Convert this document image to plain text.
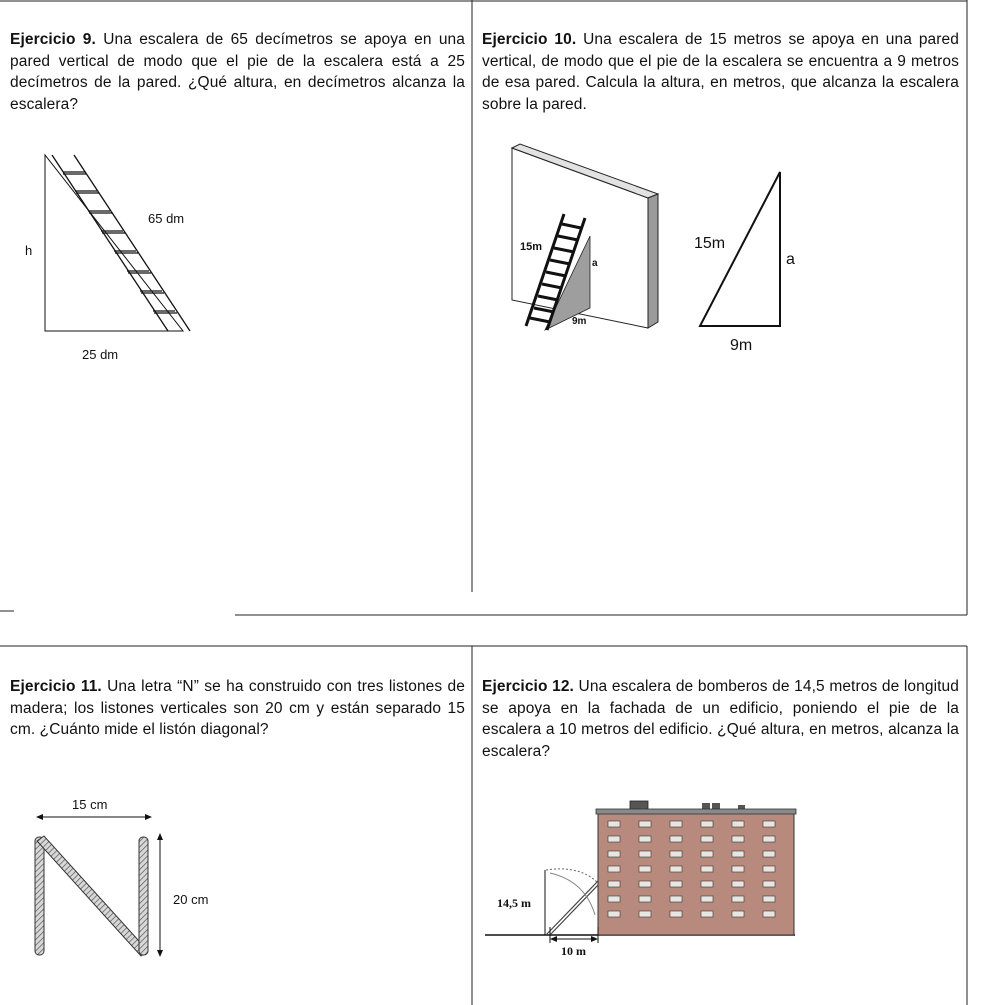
Ejercicio 9. Una escalera de 65 decímetros se apoya en una pared vertical de modo que el pie de la escalera está a 25 decímetros de la pared. ¿Qué altura, en decímetros alcanza la escalera?
65 dm
h
25 dm
Ejercicio 10. Una escalera de 15 metros se apoya en una pared vertical, de modo que el pie de la escalera se encuentra a 9 metros de esa pared. Calcula la altura, en metros, que alcanza la escalera sobre la pared.
15m
a
9m
15m
a
9m
Ejercicio 11. Una letra “N” se ha construido con tres listones de madera; los listones verticales son 20 cm y están separado 15 cm. ¿Cuánto mide el listón diagonal?
15 cm
20 cm
Ejercicio 12. Una escalera de bomberos de 14,5 metros de longitud se apoya en la fachada de un edificio, poniendo el pie de la escalera a 10 metros del edificio. ¿Qué altura, en metros, alcanza la escalera?
14,5 m
10 m
